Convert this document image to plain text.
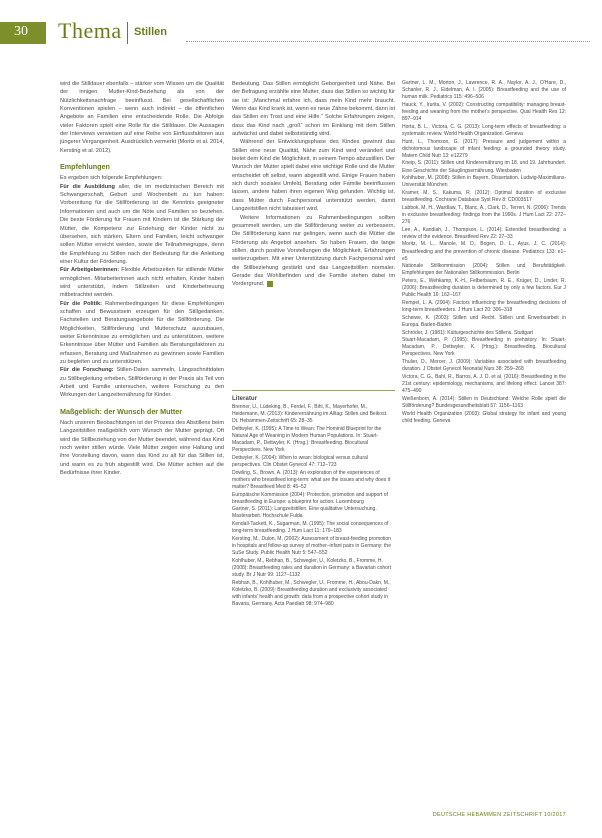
30 Thema Stillen

wird die Stilldauer ebenfalls – stärker vom Wissen um die Qualität der innigen Mutter-Kind-Beziehung als von der Nützlichkeitsnachfrage beeinflusst. Bei gesellschaftlichen Konventionen spielen – wenn auch indirekt – die öffentlichen Angebote an Familien eine entscheidende Rolle. Die Abfolge vieler Faktoren spielt eine Rolle für die Stilldauer. Die Aussagen der Interviews verweisen auf eine Reihe von Einflussfaktoren aus jüngerer Vergangenheit. Ausdrücklich vermerkt (Moritz et al. 2014, Kersting et al. 2012).

Empfehlungen

Es ergeben sich folgende Empfehlungen:

Für die Ausbildung aller, die im medizinischen Bereich mit Schwangerschaft, Geburt und Wochenbett zu tun haben: Vorbereitung für die Stillförderung ist die Kenntnis geeigneter Informationen und auch um die Nöte und Familien so beziehen. Die beste Förderung für Frauen mit Kindern ist die Stärkung der Mütter, die Kompetenz zur Erziehung der Kinder nicht zu übersehen, sich stärken, Eltern und Familien, leicht schwanger sollen Mütter erreicht werden, sowie die Teilnahmegruppe, denn die Empfehlung zu Stillen nach der Bedeutung für die Anleitung einer Kultur der Förderung.

Für Arbeitgeberinnen: Flexible Arbeitszeiten für stillende Mütter ermöglichen. Mitarbeiterinnen auch nicht erhalten, Kinder haben wird unterstützt, indem Stillzeiten und Kinderbetreuung mitbetrachtet werden.

Für die Politik: Rahmenbedingungen für diese Empfehlungen schaffen und Bewusstsein erzeugen für den Stillgedanken. Fachstellen und Beratungsangebote für die Stillförderung. Die Möglichkeiten, Stillförderung und Mutterschutz auszubauen, weiter Erkenntnisse zu ermöglichen und zu unterstützen, weitere Erkenntnisse über Mütter und Familien als Beratungsfaktoren zu erfassen, Beratung und Maßnahmen zu gewinnen sowie Familien zu begleiten und zu unterstützen.

Für die Forschung: Stillen-Daten sammeln, Längsschnittdaten zu Stillbegleitung erheben, Stillförderung in der Praxis als Teil von Arbeit und Familie untersuchen, weitere Forschung zu den Wirkungen der Langzeiternährung für Kinder.

Maßgeblich: der Wunsch der Mutter

Nach unseren Beobachtungen ist der Prozess des Abstillens beim Langzeitstillen maßgeblich vom Wunsch der Mutter geprägt. Oft wird die Stillbeziehung von der Mutter beendet, während das Kind noch weiter stillen würde. Viele Mütter zeigen eine Haltung und ihre Vorstellung davon, wann das Kind zu alt für das Stillen ist, und wann es zu früh abgestillt wird. Die Mütter achten auf die Bedürfnisse ihrer Kinder.

Bedeutung. Das Stillen ermöglicht Geborgenheit und Nähe. Bei der Befragung erzählte eine Mutter, dass das Stillen so wichtig für sie ist: „Manchmal erfahre ich, dass mein Kind mehr braucht. Wenn das Kind krank ist, wenn es neue Zähne bekommt, dann ist das Stillen ein Trost und eine Hilfe.“ Solche Erfahrungen zeigen, dass das Kind nach „groß“ schon im Einklang mit dem Stillen aufwächst und dabei selbstständig wird.

Während der Entwicklungsphase des Kindes gewinnt das Stillen eine neue Qualität, Nähe zum Kind wird verändert und bietet dem Kind die Möglichkeit, in seinem Tempo abzustillen. Der Wunsch der Mutter spielt dabei eine wichtige Rolle und die Mutter entscheidet oft selbst, wann abgestillt wird. Einige Frauen haben sich durch soziales Umfeld, Beratung oder Familie beeinflussen lassen, andere haben ihren eigenen Weg gefunden. Wichtig ist, dass Mütter durch Fachpersonal unterstützt werden, damit Langzeitstillen nicht tabuisiert wird.

Weitere Informationen zu Rahmenbedingungen sollten gesammelt werden, um die Stillförderung weiter zu verbessern. Die Stillförderung kann nur gelingen, wenn auch die Mütter die Förderung als Angebot ansehen. So haben Frauen, die lange stillen, durch positive Vorstellungen die Möglichkeit, Erfahrungen weiterzugeben. Mit einer Unterstützung durch Fachpersonal wird die Stillbeziehung gestärkt und das Langzeitstillen normaler. Gerade das Wohlbefinden und die Familie stehen dabei im Vordergrund.

Literatur
Brenner, U., Lüdeking, B., Ferdel, F., Bihl, K., Mayerhofer, M., Heidemann, M. (2013): Kinderernährung im Alltag: Stillen und Beikost. Dt. Hebammen-Zeitschrift 65: 28–35
Dettwyler, K. (1995): A Time to Wean: The Hominid Blueprint for the Natural Age of Weaning in Modern Human Populations. In: Stuart-Macadam, P., Dettwyler, K. (Hrsg.): Breastfeeding. Biocultural Perspectives. New York
Dettwyler, K. (2004): When to wean: biological versus cultural perspectives. Clin Obstet Gynecol 47: 712–723
Dowling, S., Brown, A. (2013): An exploration of the experiences of mothers who breastfeed long-term: what are the issues and why does it matter? Breastfeed Med 8: 45–52
Europäische Kommission (2004): Protection, promotion and support of breastfeeding in Europe: a blueprint for action. Luxembourg
Gartner, S. (2011): Langzeitstillen. Eine qualitative Untersuchung. Masterarbeit. Hochschule Fulda
Kendall-Tackett, K., Sugarman, M. (1995): The social consequences of long-term breastfeeding. J Hum Lact 11: 179–183
Kersting, M., Dulon, M. (2002): Assessment of breast-feeding promotion in hospitals and follow-up survey of mother–infant pairs in Germany: the SuSe Study. Public Health Nutr 5: 547–552
Kohlhuber, M., Rebhan, B., Schwegler, U., Koletzko, B., Fromme, H. (2008): Breastfeeding rates and duration in Germany: a Bavarian cohort study. Br J Nutr 99: 1127–1132
Rebhan, B., Kohlhuber, M., Schwegler, U., Fromme, H., Abou-Dakn, M., Koletzko, B. (2009): Breastfeeding duration and exclusivity associated with infants' health and growth: data from a prospective cohort study in Bavaria, Germany. Acta Paediatr 98: 974–980
Gartner, L. M., Morton, J., Lawrence, R. A., Naylor, A. J., O'Hare, D., Schanler, R. J., Eidelman, A. I. (2005): Breastfeeding and the use of human milk. Pediatrics 115: 496–506
Hauck, Y., Irurita, V. (2002): Constructing compatibility: managing breast-feeding and weaning from the mother's perspective. Qual Health Res 12: 897–914
Horta, B. L., Victora, C. G. (2013): Long-term effects of breastfeeding: a systematic review. World Health Organization. Geneva
Hunt, L., Thomson, G. (2017): Pressure and judgement within a dichotomous landscape of infant feeding: a grounded theory study. Matern Child Nutr 13: e12279
Kneip, S. (2011): Stillen und Kinderernährung im 18. und 19. Jahrhundert. Eine Geschichte der Säuglingsernährung. Wiesbaden
Kohlhuber, M. (2008): Stillen in Bayern. Dissertation. Ludwig-Maximilians-Universität München
Kramer, M. S., Kakuma, R. (2012): Optimal duration of exclusive breastfeeding. Cochrane Database Syst Rev 8: CD003517
Labbok, M. H., Wardlaw, T., Blanc, A., Clark, D., Terreri, N. (2006): Trends in exclusive breastfeeding: findings from the 1990s. J Hum Lact 22: 272–276
Lee, A., Kandiah, J., Thompson, L. (2014): Extended breastfeeding: a review of the evidence. Breastfeed Rev 22: 27–33
Moritz, M. L., Manole, M. D., Bogen, D. L., Ayus, J. C. (2014): Breastfeeding and the prevention of chronic disease. Pediatrics 133: e1–e5
Nationale Stillkommission (2004): Stillen und Berufstätigkeit. Empfehlungen der Nationalen Stillkommission. Berlin
Peters, E., Wehkamp, K.-H., Felberbaum, R. E., Krüger, D., Linder, R. (2006): Breastfeeding duration is determined by only a few factors. Eur J Public Health 16: 162–167
Rempel, L. A. (2004): Factors influencing the breastfeeding decisions of long-term breastfeeders. J Hum Lact 20: 306–318
Scheiwe, K. (2003): Stillen und Recht. Stillen und Erwerbsarbeit in Europa. Baden-Baden
Schröder, J. (1981): Kulturgeschichte des Stillens. Stuttgart
Stuart-Macadam, P. (1995): Breastfeeding in prehistory. In: Stuart-Macadam, P., Dettwyler, K. (Hrsg.): Breastfeeding. Biocultural Perspectives. New York
Thulier, D., Mercer, J. (2009): Variables associated with breastfeeding duration. J Obstet Gynecol Neonatal Nurs 38: 259–268
Victora, C. G., Bahl, R., Barros, A. J. D. et al. (2016): Breastfeeding in the 21st century: epidemiology, mechanisms, and lifelong effect. Lancet 387: 475–490
Weißenborn, A. (2014): Stillen in Deutschland: Welche Rolle spielt die Stillförderung? Bundesgesundheitsblatt 57: 1156–1163
World Health Organization (2003): Global strategy for infant and young child feeding. Geneva
DEUTSCHE HEBAMMEN ZEITSCHRIFT 10/2017
